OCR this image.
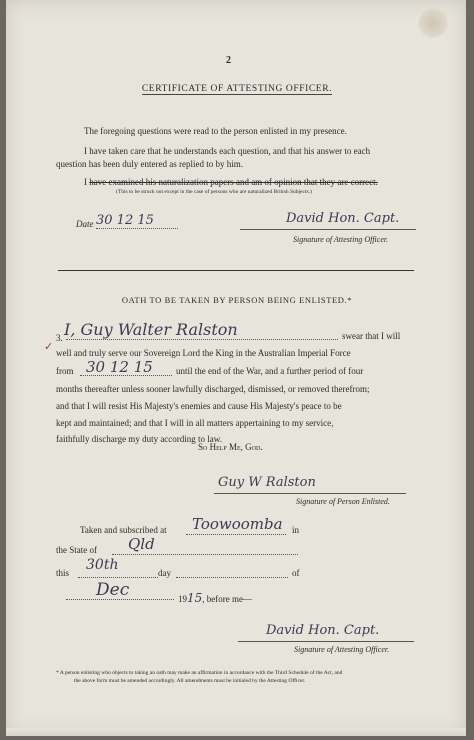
2
CERTIFICATE OF ATTESTING OFFICER.
The foregoing questions were read to the person enlisted in my presence.
I have taken care that he understands each question, and that his answer to each
question has been duly entered as replied to by him.
I have examined his naturalization papers and am of opinion that they are correct.
(This to be struck out except in the case of persons who are naturalized British Subjects.)
Date 30 12 15	David Hon. Capt.
Signature of Attesting Officer.
OATH TO BE TAKEN BY PERSON BEING ENLISTED.*
3. I, Guy Walter Ralston	swear that I will
well and truly serve our Sovereign Lord the King in the Australian Imperial Force
✓
from 30 12 15	until the end of the War, and a further period of four
months thereafter unless sooner lawfully discharged, dismissed, or removed therefrom;
and that I will resist His Majesty's enemies and cause His Majesty's peace to be
kept and maintained; and that I will in all matters appertaining to my service,
faithfully discharge my duty according to law.
So Help Me, God.
Guy W Ralston
Signature of Person Enlisted.
Taken and subscribed at Toowoomba in
the State of Qld
this 30th	day	of
Dec	1915, before me—
David Hon. Capt.
Signature of Attesting Officer.
* A person enlisting who objects to taking an oath may make an affirmation in accordance with the Third Schedule of the Act, and
the above form must be amended accordingly. All amendments must be initialed by the Attesting Officer.
